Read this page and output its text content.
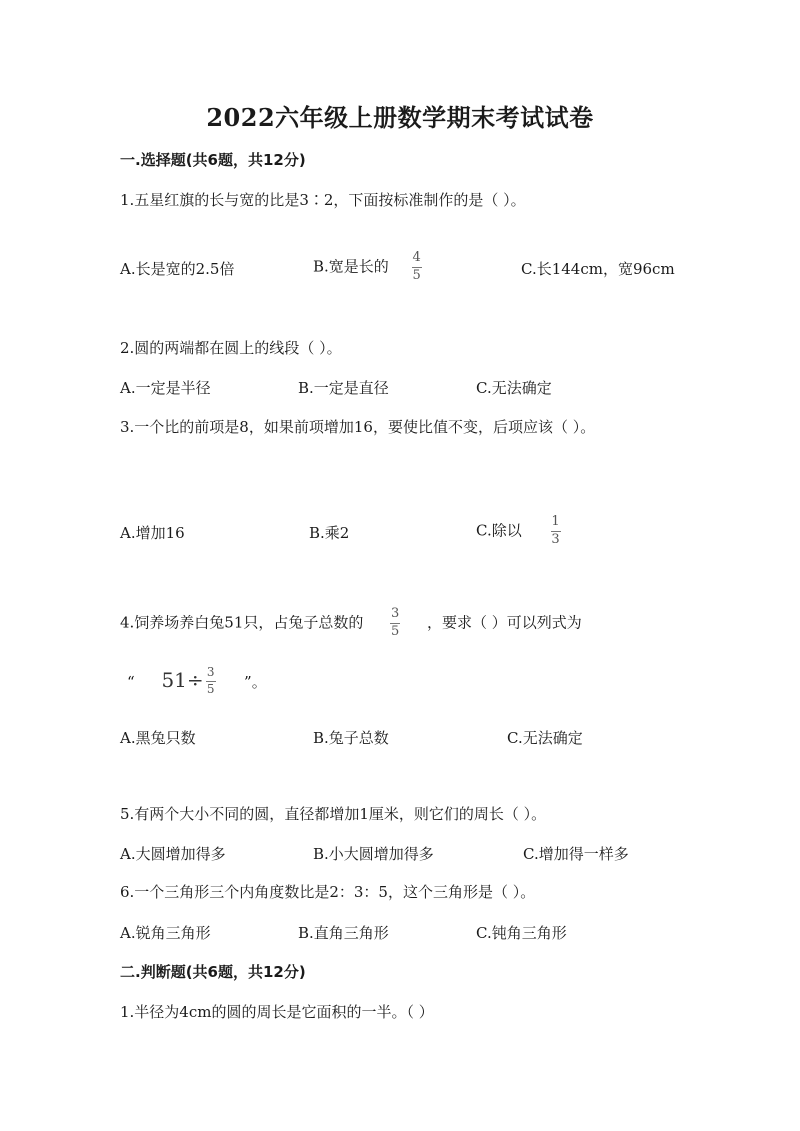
2022六年级上册数学期末考试试卷
一.选择题(共6题，共12分)
1.五星红旗的长与宽的比是3∶2，下面按标准制作的是（ ）。
A.长是宽的2.5倍	B.宽是长的 $\frac{4}{5}$	C.长144cm，宽96cm
2.圆的两端都在圆上的线段（ ）。
A.一定是半径	B.一定是直径	C.无法确定
3.一个比的前项是8，如果前项增加16，要使比值不变，后项应该（ ）。
A.增加16	B.乘2	C.除以 $\frac{1}{3}$
4.饲养场养白兔51只，占兔子总数的 $\frac{3}{5}$ ，要求（ ）可以列式为
“ $51\div \frac{3}{5}$ ”。
A.黑兔只数	B.兔子总数	C.无法确定
5.有两个大小不同的圆，直径都增加1厘米，则它们的周长（ ）。
A.大圆增加得多	B.小大圆增加得多	C.增加得一样多
6.一个三角形三个内角度数比是2：3：5，这个三角形是（ ）。
A.锐角三角形	B.直角三角形	C.钝角三角形
二.判断题(共6题，共12分)
1.半径为4cm的圆的周长是它面积的一半。（ ）
